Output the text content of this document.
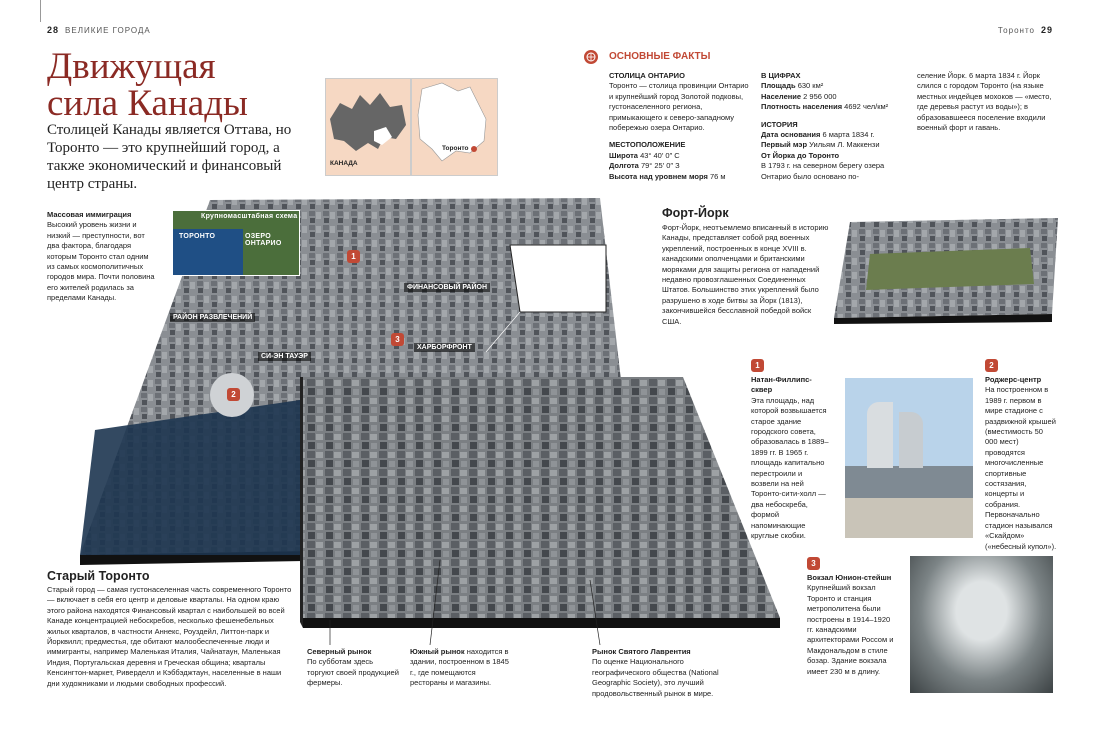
28 ВЕЛИКИЕ ГОРОДА	Торонто 29
Движущая
сила Канады
Столицей Канады является Оттава, но Торонто — это крупнейший город, а также экономический и финансовый центр страны.
КАНАДА
Торонто
ОСНОВНЫЕ ФАКТЫ
СТОЛИЦА ОНТАРИО
Торонто — столица провинции Онтарио и крупнейший город Золотой подковы, густонаселенного региона, примыкающего к северо-западному побережью озера Онтарио.
МЕСТОПОЛОЖЕНИЕ
Широта 43° 40′ 0″ С
Долгота 79° 25′ 0″ З
Высота над уровнем моря 76 м
В ЦИФРАХ
Площадь 630 км²
Население 2 956 000
Плотность населения 4692 чел/км²
ИСТОРИЯ
Дата основания 6 марта 1834 г.
Первый мэр Уильям Л. Маккензи
От Йорка до Торонто
В 1793 г. на северном берегу озера Онтарио было основано по-
селение Йорк. 6 марта 1834 г. Йорк слился с городом Торонто (на языке местных индейцев мохоков — «место, где деревья растут из воды»); в образовавшееся поселение входили военный форт и гавань.
Крупномасштабная схема
ТОРОНТО	ОЗЕРО ОНТАРИО
ФИНАНСОВЫЙ РАЙОН
РАЙОН РАЗВЛЕЧЕНИЙ
СИ-ЭН ТАУЭР
ХАРБОРФРОНТ
1
2
3
Массовая иммиграция
Высокий уровень жизни и низкий — преступности, вот два фактора, благодаря которым Торонто стал одним из самых космополитичных городов мира. Почти половина его жителей родилась за пределами Канады.
Форт-Йорк
Форт-Йорк, неотъемлемо вписанный в историю Канады, представляет собой ряд военных укреплений, построенных в конце XVIII в. канадскими ополченцами и британскими моряками для защиты региона от нападений недавно провозглашенных Соединенных Штатов. Большинство этих укреплений было разрушено в ходе битвы за Йорк (1813), закончившейся бесславной победой войск США.
1
Натан-Филлипс-сквер
Эта площадь, над которой возвышается старое здание городского совета, образовалась в 1889–1899 гг. В 1965 г. площадь капитально перестроили и возвели на ней Торонто-сити-холл — два небоскреба, формой напоминающие круглые скобки.
2
Роджерс-центр
На построенном в 1989 г. первом в мире стадионе с раздвижной крышей (вместимость 50 000 мест) проводятся многочисленные спортивные состязания, концерты и собрания. Первоначально стадион назывался «Скайдом» («небесный купол»).
3
Вокзал Юнион-стейшн
Крупнейший вокзал Торонто и станция метрополитена были построены в 1914–1920 гг. канадскими архитекторами Россом и Макдональдом в стиле бозар. Здание вокзала имеет 230 м в длину.
Старый Торонто
Старый город — самая густонаселенная часть современного Торонто — включает в себя его центр и деловые кварталы. На одном краю этого района находятся Финансовый квартал с наибольшей во всей Канаде концентрацией небоскребов, несколько фешенебельных жилых кварталов, в частности Аннекс, Роуздейл, Литтон-парк и Йорквилл; предместья, где обитают малообеспеченные люди и иммигранты, например Маленькая Италия, Чайнатаун, Маленькая Индия, Португальская деревня и Греческая община; кварталы Кенсингтон-маркет, Риверделл и Кэббэджтаун, населенные в наши дни художниками и людьми свободных профессий.
Северный рынок
По субботам здесь торгуют своей продукцией фермеры.
Южный рынок находится в здании, построенном в 1845 г., где помещаются рестораны и магазины.
Рынок Святого Лаврентия
По оценке Национального географического общества (National Geographic Society), это лучший продовольственный рынок в мире.
